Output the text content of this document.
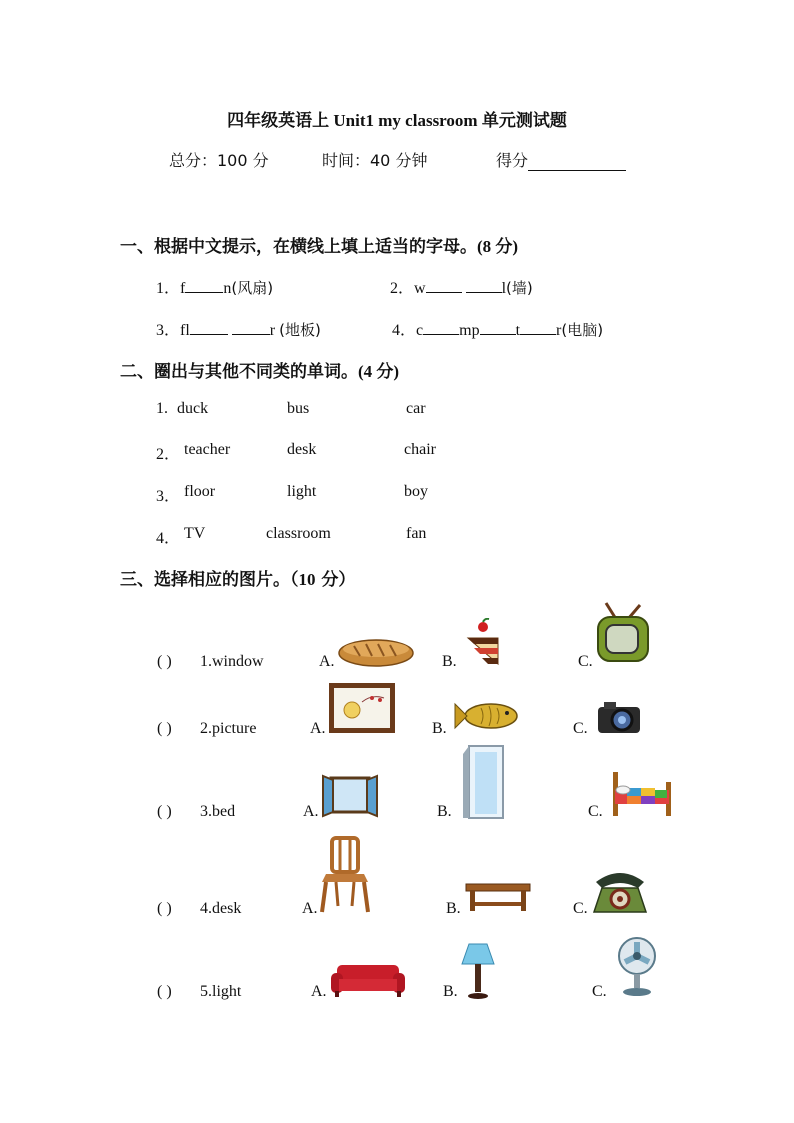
四年级英语上 Unit1 my classroom 单元测试题
总分：100 分	时间：40 分钟	得分
一、根据中文提示，在横线上填上适当的字母。(8 分)
1．f n(风扇)	2．w	l(墙)
3．fl	r (地板)	4．c mp t r(电脑)
二、圈出与其他不同类的单词。(4 分)
1. duck	bus	car
2． teacher	desk	chair
3． floor	light	boy
4． TV	classroom	fan
三、选择相应的图片。（10 分）
( ) 1.window	A.	B.	C.
( ) 2.picture	A.	B.	C.
( ) 3.bed	A.	B.	C.
( ) 4.desk	A.	B.	C.
( ) 5.light	A.	B.	C.
